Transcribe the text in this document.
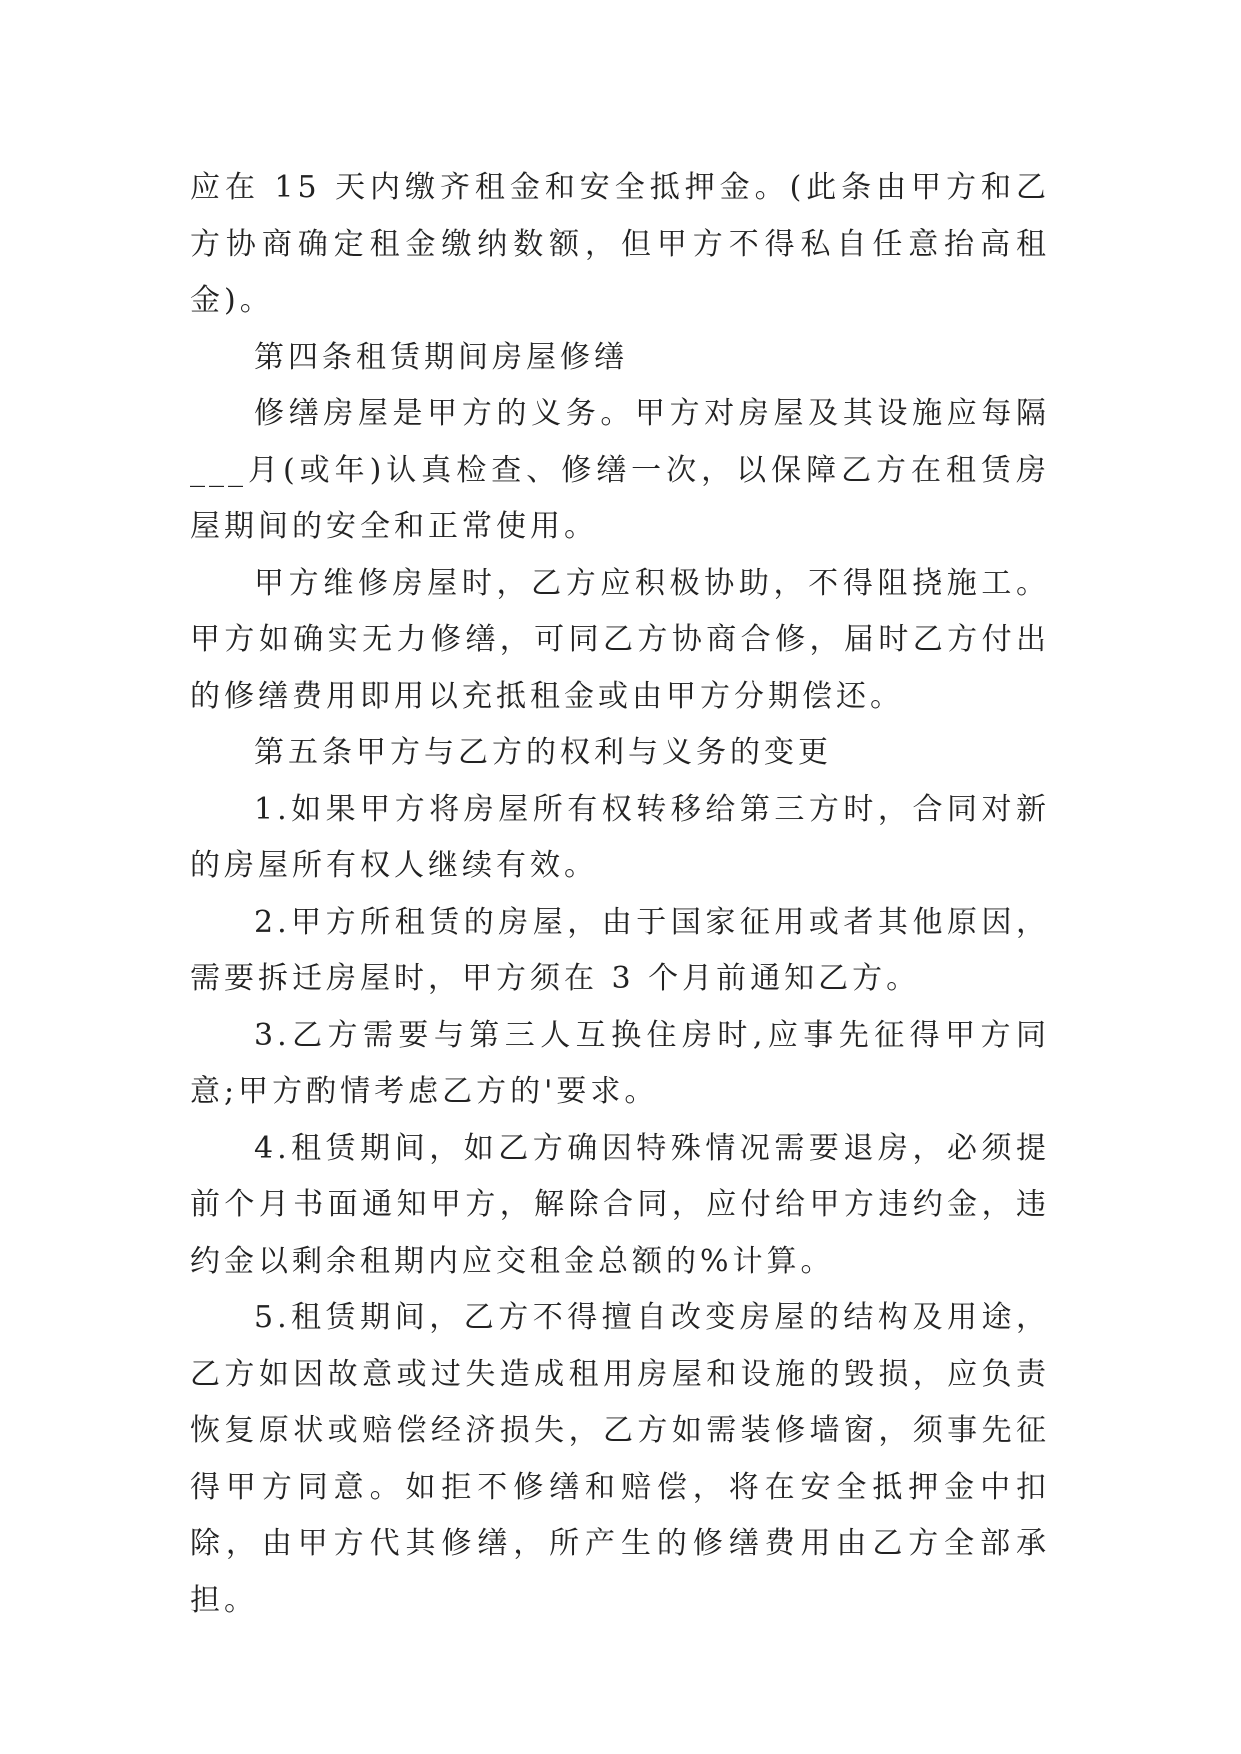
应在 15 天内缴齐租金和安全抵押金。(此条由甲方和乙方协商确定租金缴纳数额，但甲方不得私自任意抬高租金)。

第四条租赁期间房屋修缮

修缮房屋是甲方的义务。甲方对房屋及其设施应每隔___月(或年)认真检查、修缮一次，以保障乙方在租赁房屋期间的安全和正常使用。

甲方维修房屋时，乙方应积极协助，不得阻挠施工。甲方如确实无力修缮，可同乙方协商合修，届时乙方付出的修缮费用即用以充抵租金或由甲方分期偿还。

第五条甲方与乙方的权利与义务的变更

1.如果甲方将房屋所有权转移给第三方时，合同对新的房屋所有权人继续有效。

2.甲方所租赁的房屋，由于国家征用或者其他原因，需要拆迁房屋时，甲方须在 3 个月前通知乙方。

3.乙方需要与第三人互换住房时,应事先征得甲方同意;甲方酌情考虑乙方的'要求。

4.租赁期间，如乙方确因特殊情况需要退房，必须提前个月书面通知甲方，解除合同，应付给甲方违约金，违约金以剩余租期内应交租金总额的%计算。

5.租赁期间，乙方不得擅自改变房屋的结构及用途，乙方如因故意或过失造成租用房屋和设施的毁损，应负责恢复原状或赔偿经济损失，乙方如需装修墙窗，须事先征得甲方同意。如拒不修缮和赔偿，将在安全抵押金中扣除，由甲方代其修缮，所产生的修缮费用由乙方全部承担。
